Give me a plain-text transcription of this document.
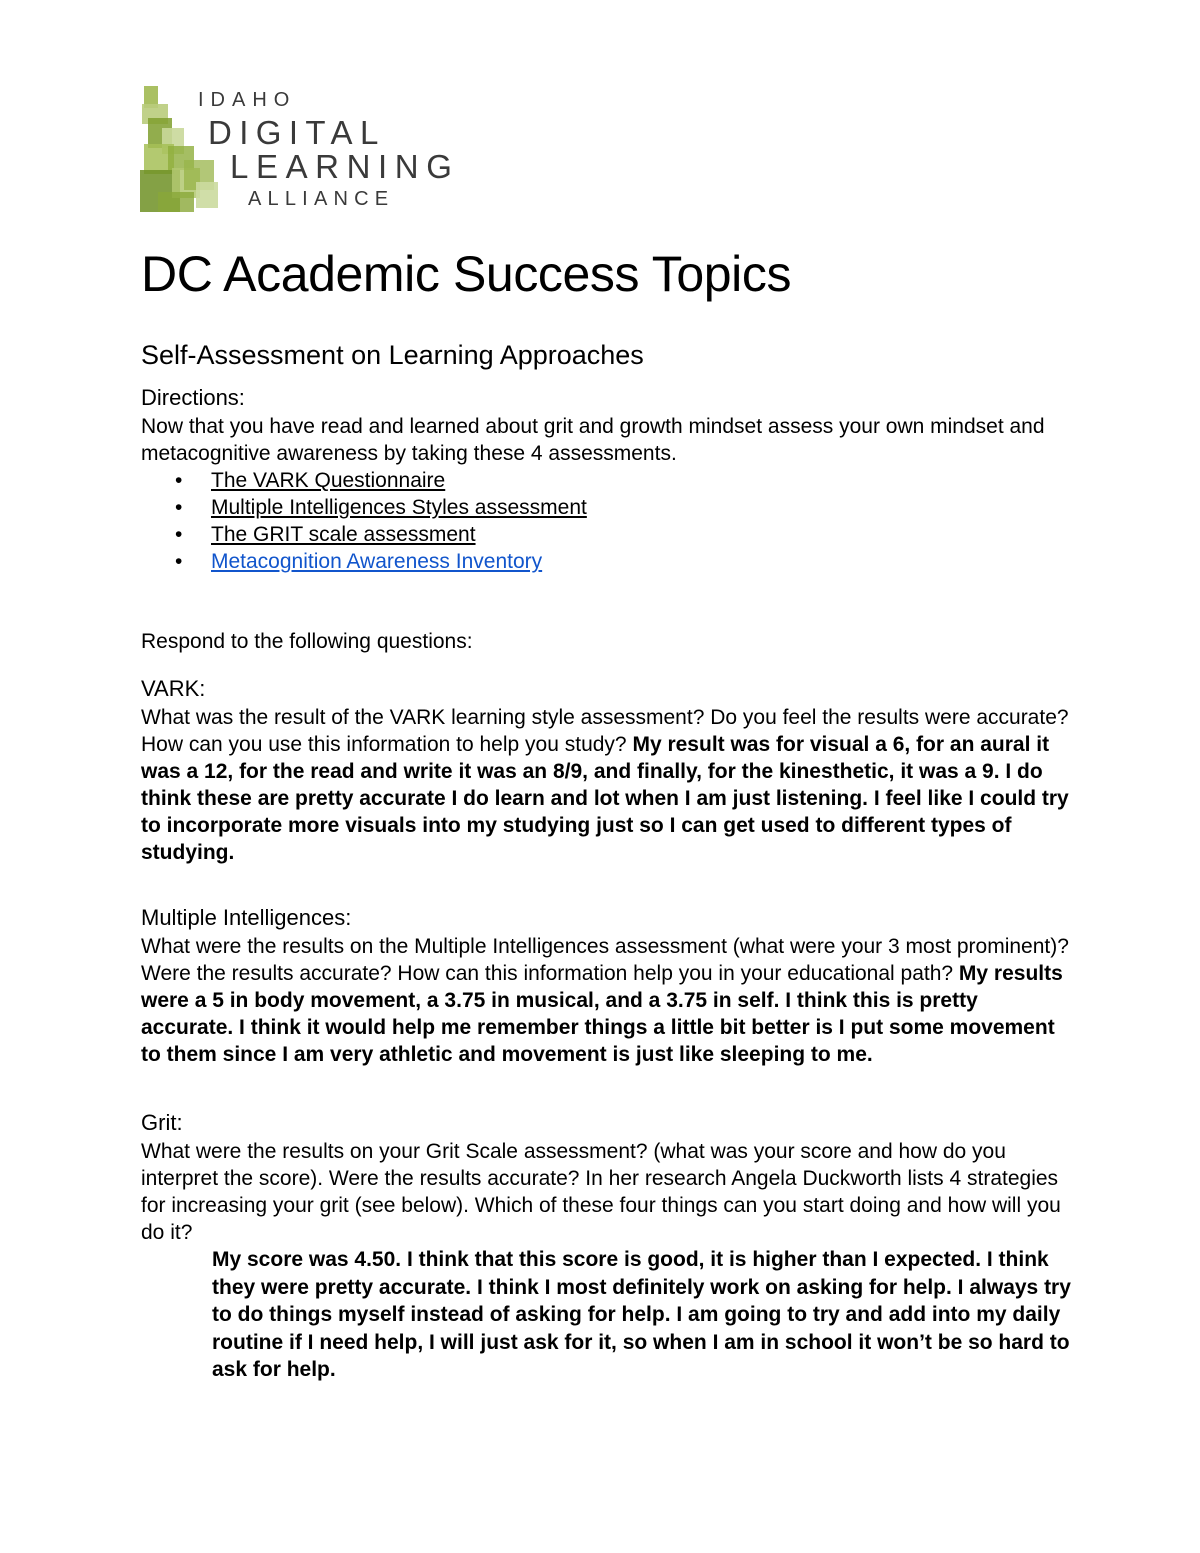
IDAHO
DIGITAL
LEARNING
ALLIANCE
DC Academic Success Topics
Self-Assessment on Learning Approaches
Directions:

Now that you have read and learned about grit and growth mindset assess your own mindset and metacognitive awareness by taking these 4 assessments.

• The VARK Questionnaire
• Multiple Intelligences Styles assessment
• The GRIT scale assessment
• Metacognition Awareness Inventory

Respond to the following questions:

VARK:

What was the result of the VARK learning style assessment? Do you feel the results were accurate? How can you use this information to help you study? My result was for visual a 6, for an aural it was a 12, for the read and write it was an 8/9, and finally, for the kinesthetic, it was a 9. I do think these are pretty accurate I do learn and lot when I am just listening. I feel like I could try to incorporate more visuals into my studying just so I can get used to different types of studying.

Multiple Intelligences:

What were the results on the Multiple Intelligences assessment (what were your 3 most prominent)? Were the results accurate? How can this information help you in your educational path? My results were a 5 in body movement, a 3.75 in musical, and a 3.75 in self. I think this is pretty accurate. I think it would help me remember things a little bit better is I put some movement to them since I am very athletic and movement is just like sleeping to me.

Grit:

What were the results on your Grit Scale assessment? (what was your score and how do you interpret the score). Were the results accurate? In her research Angela Duckworth lists 4 strategies for increasing your grit (see below). Which of these four things can you start doing and how will you do it?

My score was 4.50. I think that this score is good, it is higher than I expected. I think they were pretty accurate. I think I most definitely work on asking for help. I always try to do things myself instead of asking for help. I am going to try and add into my daily routine if I need help, I will just ask for it, so when I am in school it won’t be so hard to ask for help.
